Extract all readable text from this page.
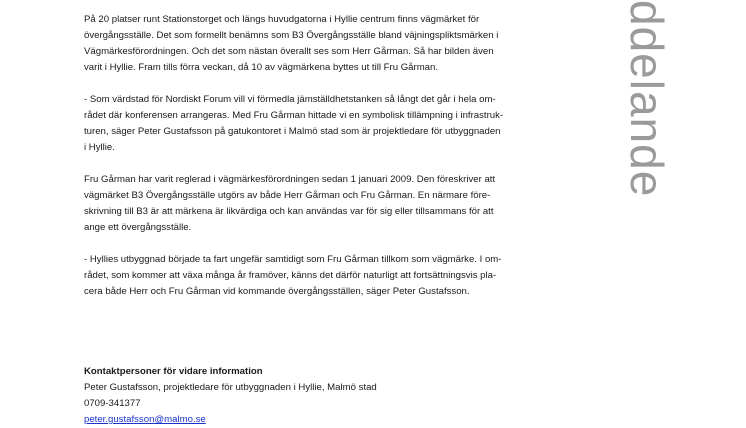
På 20 platser runt Stationstorget och längs huvudgatorna i Hyllie centrum finns vägmärket för
övergångsställe. Det som formellt benämns som B3 Övergångsställe bland väjningspliktsmärken i
Vägmärkesförordningen. Och det som nästan överallt ses som Herr Gårman. Så har bilden även
varit i Hyllie. Fram tills förra veckan, då 10 av vägmärkena byttes ut till Fru Gårman.

- Som värdstad för Nordiskt Forum vill vi förmedla jämställdhetstanken så långt det går i hela om-
rådet där konferensen arrangeras. Med Fru Gårman hittade vi en symbolisk tillämpning i infrastruk-
turen, säger Peter Gustafsson på gatukontoret i Malmö stad som är projektledare för utbyggnaden
i Hyllie.

Fru Gårman har varit reglerad i vägmärkesförordningen sedan 1 januari 2009. Den föreskriver att
vägmärket B3 Övergångsställe utgörs av både Herr Gårman och Fru Gårman. En närmare före-
skrivning till B3 är att märkena är likvärdiga och kan användas var för sig eller tillsammans för att
ange ett övergångsställe.

- Hyllies utbyggnad började ta fart ungefär samtidigt som Fru Gårman tillkom som vägmärke. I om-
rådet, som kommer att växa många år framöver, känns det därför naturligt att fortsättningsvis pla-
cera både Herr och Fru Gårman vid kommande övergångsställen, säger Peter Gustafsson.

Kontaktpersoner för vidare information
Peter Gustafsson, projektledare för utbyggnaden i Hyllie, Malmö stad
0709-341377
peter.gustafsson@malmo.se
ddelande
